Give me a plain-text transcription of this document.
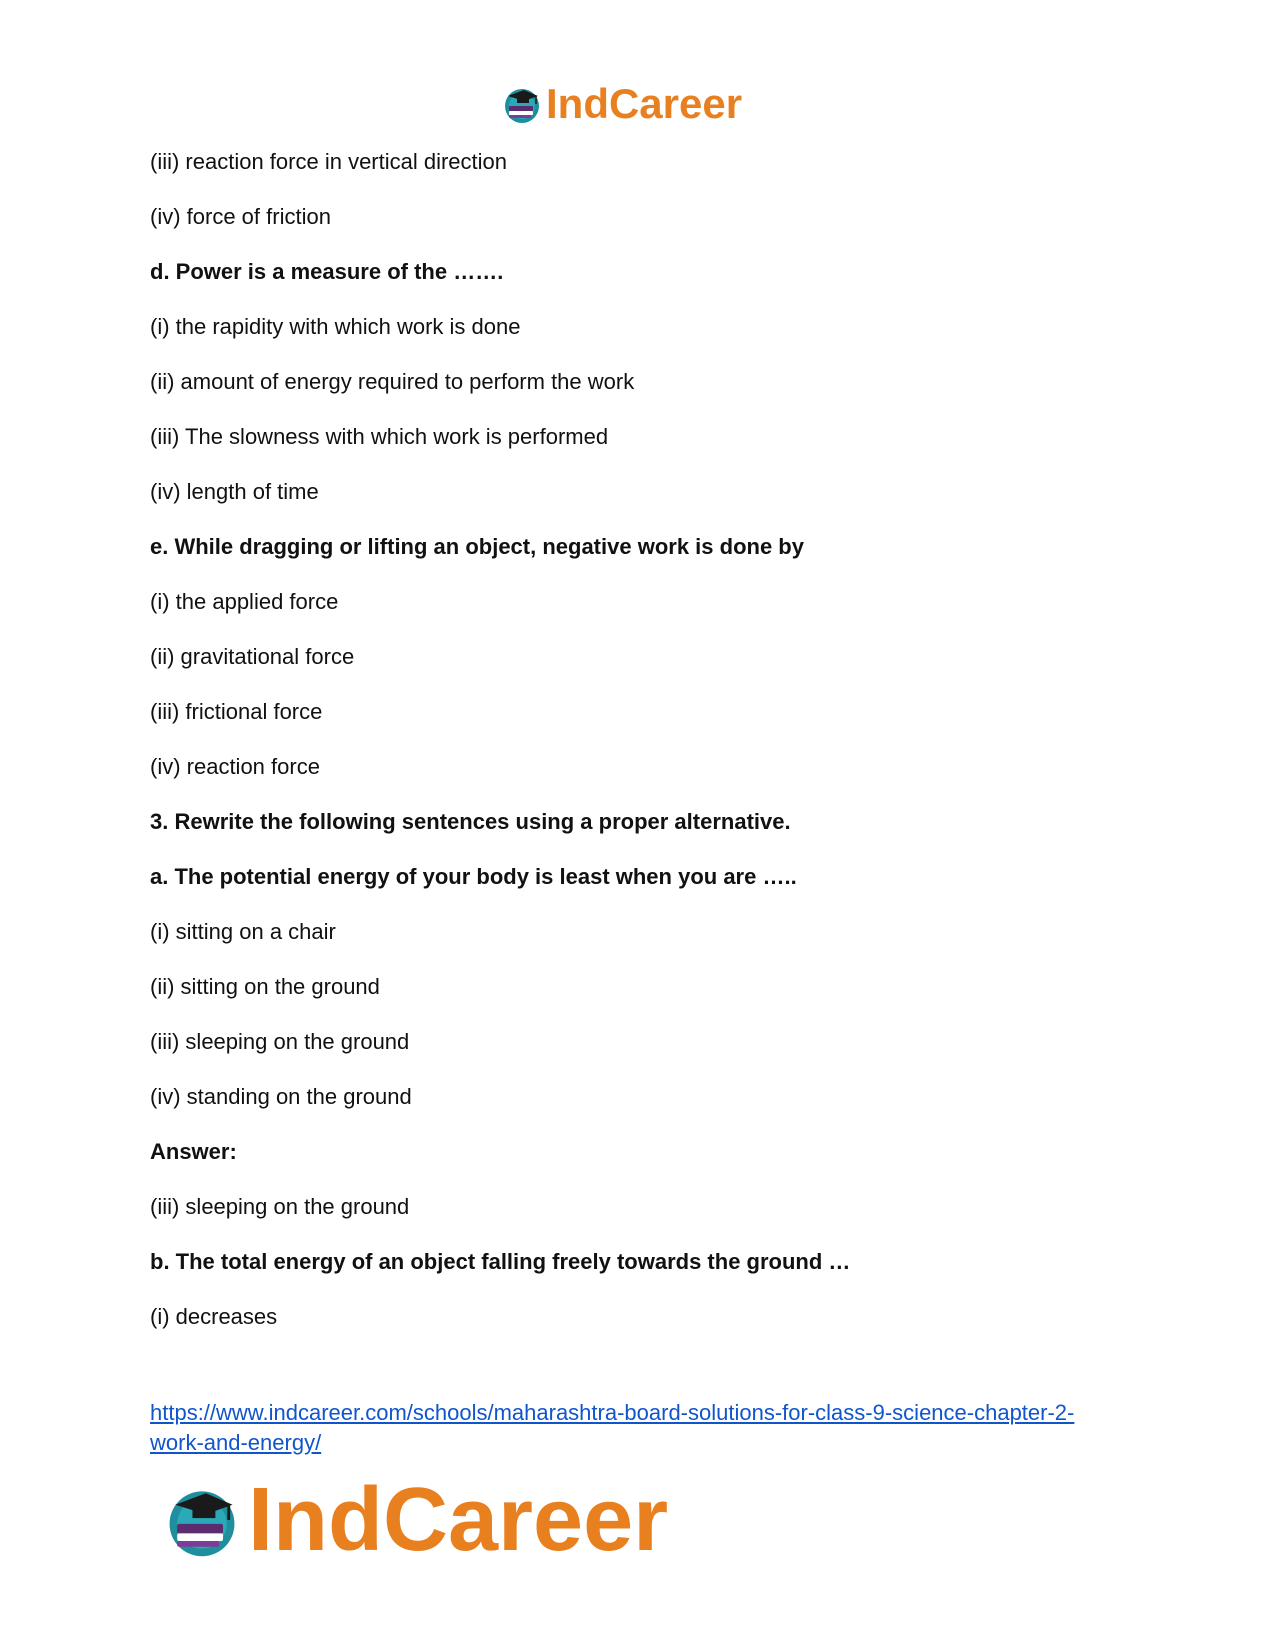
IndCareer
(iii) reaction force in vertical direction
(iv) force of friction
d. Power is a measure of the …….
(i) the rapidity with which work is done
(ii) amount of energy required to perform the work
(iii) The slowness with which work is performed
(iv) length of time
e. While dragging or lifting an object, negative work is done by
(i) the applied force
(ii) gravitational force
(iii) frictional force
(iv) reaction force
3. Rewrite the following sentences using a proper alternative.
a. The potential energy of your body is least when you are …..
(i) sitting on a chair
(ii) sitting on the ground
(iii) sleeping on the ground
(iv) standing on the ground
Answer:
(iii) sleeping on the ground
b. The total energy of an object falling freely towards the ground …
(i) decreases
https://www.indcareer.com/schools/maharashtra-board-solutions-for-class-9-science-chapter-2-
work-and-energy/
IndCareer
